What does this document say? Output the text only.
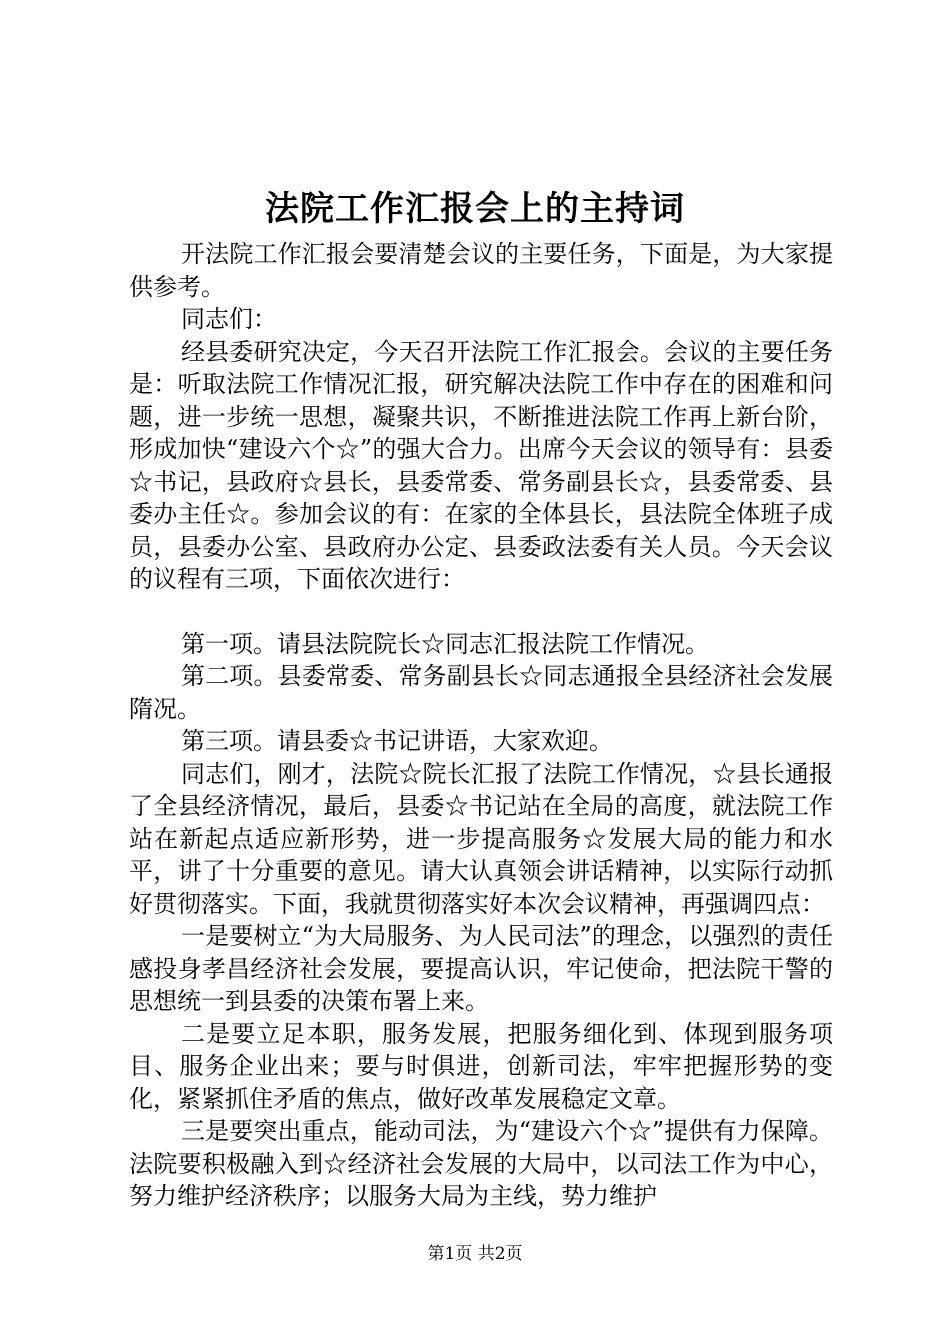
法院工作汇报会上的主持词

开法院工作汇报会要清楚会议的主要任务，下面是，为大家提供参考。

同志们：

经县委研究决定，今天召开法院工作汇报会。会议的主要任务是：听取法院工作情况汇报，研究解决法院工作中存在的困难和问题，进一步统一思想，凝聚共识，不断推进法院工作再上新台阶，形成加快“建设六个☆”的强大合力。出席今天会议的领导有：县委☆书记，县政府☆县长，县委常委、常务副县长☆，县委常委、县委办主任☆。参加会议的有：在家的全体县长，县法院全体班子成员，县委办公室、县政府办公定、县委政法委有关人员。今天会议的议程有三项，下面依次进行：

第一项。请县法院院长☆同志汇报法院工作情况。

第二项。县委常委、常务副县长☆同志通报全县经济社会发展隋况。

第三项。请县委☆书记讲语，大家欢迎。

同志们，刚才，法院☆院长汇报了法院工作情况，☆县长通报了全县经济情况，最后，县委☆书记站在全局的高度，就法院工作站在新起点适应新形势，进一步提高服务☆发展大局的能力和水平，讲了十分重要的意见。请大认真领会讲话精神，以实际行动抓好贯彻落实。下面，我就贯彻落实好本次会议精神，再强调四点：

一是要树立“为大局服务、为人民司法”的理念，以强烈的责任感投身孝昌经济社会发展，要提高认识，牢记使命，把法院干警的思想统一到县委的决策布署上来。

二是要立足本职，服务发展，把服务细化到、体现到服务项目、服务企业出来；要与时俱进，创新司法，牢牢把握形势的变化，紧紧抓住矛盾的焦点，做好改革发展稳定文章。

三是要突出重点，能动司法，为“建设六个☆”提供有力保障。法院要积极融入到☆经济社会发展的大局中，以司法工作为中心，努力维护经济秩序；以服务大局为主线，势力维护

第1页 共2页
